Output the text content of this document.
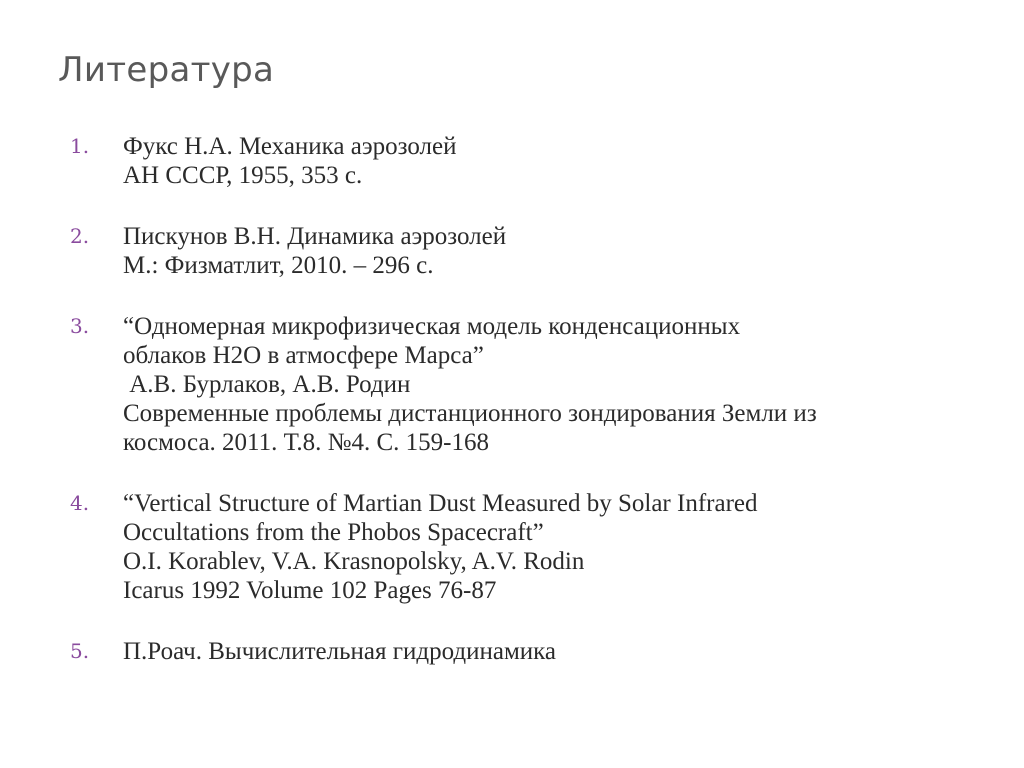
Литература
1.	Фукс Н.А. Механика аэрозолей
АН СССР, 1955, 353 с.
2.	Пискунов В.Н. Динамика аэрозолей
М.: Физматлит, 2010. – 296 с.
3.	“Одномерная микрофизическая модель конденсационных
облаков H2O в атмосфере Марса”
А.В. Бурлаков, А.В. Родин
Современные проблемы дистанционного зондирования Земли из
космоса. 2011. Т.8. №4. С. 159-168
4.	“Vertical Structure of Martian Dust Measured by Solar Infrared
Occultations from the Phobos Spacecraft”
O.I. Korablev, V.A. Krasnopolsky, A.V. Rodin
Icarus 1992 Volume 102 Pages 76-87
5.	П.Роач. Вычислительная гидродинамика
